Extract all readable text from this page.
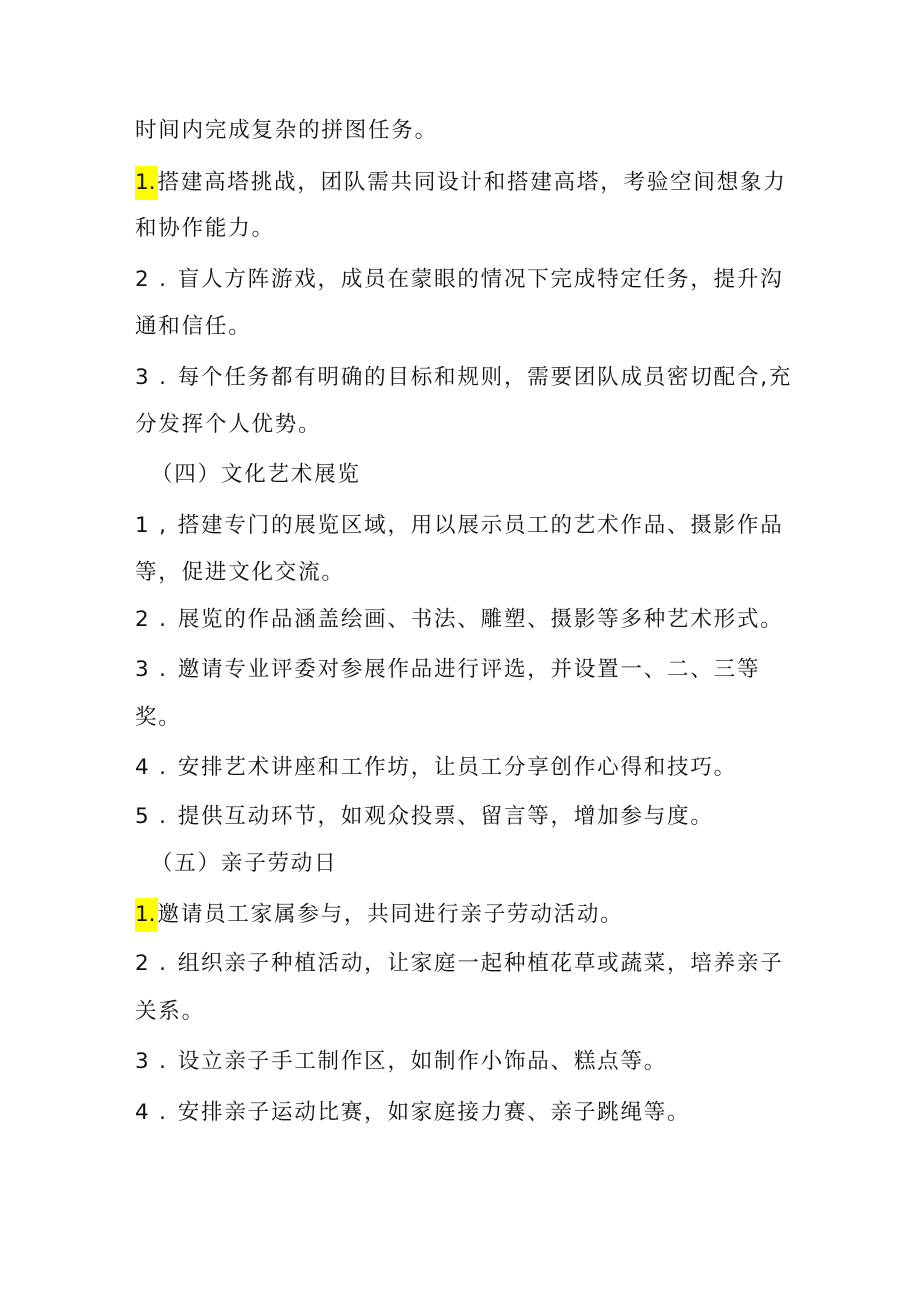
时间内完成复杂的拼图任务。
1.搭建高塔挑战，团队需共同设计和搭建高塔，考验空间想象力
和协作能力。
2 . 盲人方阵游戏，成员在蒙眼的情况下完成特定任务，提升沟
通和信任。
3 . 每个任务都有明确的目标和规则，需要团队成员密切配合,充
分发挥个人优势。
（四）文化艺术展览
1 , 搭建专门的展览区域，用以展示员工的艺术作品、摄影作品
等，促进文化交流。
2 . 展览的作品涵盖绘画、书法、雕塑、摄影等多种艺术形式。
3 . 邀请专业评委对参展作品进行评选，并设置一、二、三等
奖。
4 . 安排艺术讲座和工作坊，让员工分享创作心得和技巧。
5 . 提供互动环节，如观众投票、留言等，增加参与度。
（五）亲子劳动日
1.邀请员工家属参与，共同进行亲子劳动活动。
2 . 组织亲子种植活动，让家庭一起种植花草或蔬菜，培养亲子
关系。
3 . 设立亲子手工制作区，如制作小饰品、糕点等。
4 . 安排亲子运动比赛，如家庭接力赛、亲子跳绳等。
